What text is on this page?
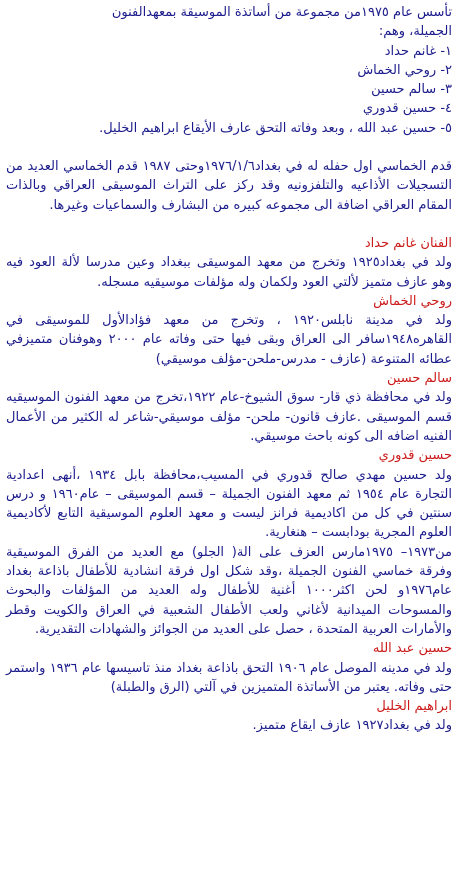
تأسس عام ١٩٧٥من مجموعة من أساتذة الموسيقة بمعهدالفنون
الجميلة، وهم:
١- غانم حداد
٢- روحي الخماش
٣- سالم حسين
٤- حسين قدوري
٥- حسين عبد الله ، وبعد وفاته التحق عارف الأيقاع ابراهيم الخليل.

قدم الخماسي اول حفله له في بغداد١٩٧٦/١/٦وحتى ١٩٨٧ قدم الخماسي العديد من التسجيلات الأذاعيه والتلفزونيه وقد ركز على التراث الموسيقى العراقي وبالذات المقام العراقي اضافة الى مجموعه كبيره من البشارف والسماعيات وغيرها.

الفنان غانم حداد

ولد في بغداد١٩٢٥ وتخرج من معهد الموسيقى ببغداد وعين مدرسا لألة العود فيه وهو عازف متميز لألتي العود ولكمان وله مؤلفات موسيقيه مسجله.

روحي الخماش

ولد في مدينة نابلس١٩٢٠ ، وتخرج من معهد فؤادالأول للموسيقى في القاهره١٩٤٨سافر الى العراق وبقى فيها حتى وفاته عام ٢٠٠٠ وهوفنان متميزفي عطائه المتنوعة (عازف - مدرس-ملحن-مؤلف موسيقي)

سالم حسين

ولد في محافظة ذي قار- سوق الشيوخ-عام ١٩٢٢،تخرج من معهد الفنون الموسيقيه قسم الموسيقى .عازف قانون- ملحن- مؤلف موسيقي-شاعر له الكثير من الأعمال الفنيه اضافه الى كونه باحث موسيقي.

حسين قدوري

ولد حسين مهدي صالح قدوري في المسيب،محافظة بابل ١٩٣٤ ،أنهى اعدادية التجارة عام ١٩٥٤ ثم معهد الفنون الجميلة – قسم الموسيقى – عام١٩٦٠ و درس سنتين في كل من اكاديمية فرانز ليست و معهد العلوم الموسيقية التابع لأكاديمية العلوم المجرية بودابست – هنغارية.

من١٩٧٣– ١٩٧٥مارس العزف على الة( الجلو) مع العديد من الفرق الموسيقية وفرقة خماسي الفنون الجميلة ،وقد شكل اول فرقة انشادية للأطفال باذاعة بغداد عام١٩٧٦و لحن اكثر١٠٠٠ أغنية للأطفال وله العديد من المؤلفات والبحوث والمسوحات الميدانية لأغاني ولعب الأطفال الشعبية في العراق والكويت وقطر والأمارات العربية المتحدة ، حصل على العديد من الجوائز والشهادات التقديرية.

حسين عبد الله

ولد في مدينه الموصل عام ١٩٠٦ التحق باذاعة بغداد منذ تاسيسها عام ١٩٣٦ واستمر حتى وفاته. يعتبر من الأساتذة المتميزين في آلتي (الرق والطبلة)

ابراهيم الخليل

ولد في بغداد١٩٢٧ عازف ايقاع متميز.
